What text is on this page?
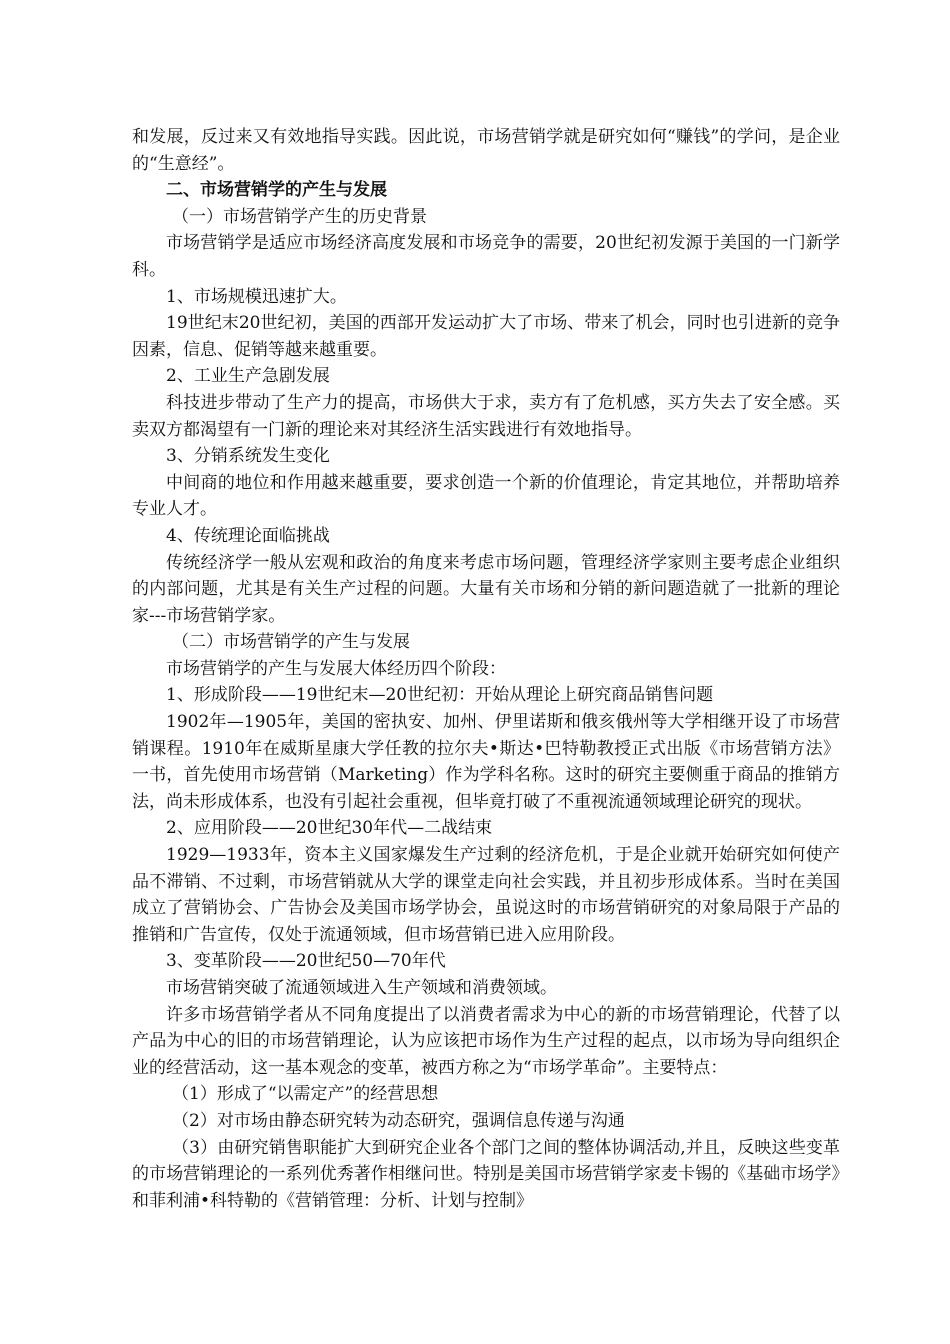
和发展，反过来又有效地指导实践。因此说，市场营销学就是研究如何“赚钱”的学问，是企业的“生意经”。

二、市场营销学的产生与发展

（一）市场营销学产生的历史背景

市场营销学是适应市场经济高度发展和市场竞争的需要，20世纪初发源于美国的一门新学科。

1、市场规模迅速扩大。

19世纪末20世纪初，美国的西部开发运动扩大了市场、带来了机会，同时也引进新的竞争因素，信息、促销等越来越重要。

2、工业生产急剧发展

科技进步带动了生产力的提高，市场供大于求，卖方有了危机感，买方失去了安全感。买卖双方都渴望有一门新的理论来对其经济生活实践进行有效地指导。

3、分销系统发生变化

中间商的地位和作用越来越重要，要求创造一个新的价值理论，肯定其地位，并帮助培养专业人才。

4、传统理论面临挑战

传统经济学一般从宏观和政治的角度来考虑市场问题，管理经济学家则主要考虑企业组织的内部问题，尤其是有关生产过程的问题。大量有关市场和分销的新问题造就了一批新的理论家---市场营销学家。

（二）市场营销学的产生与发展

市场营销学的产生与发展大体经历四个阶段：

1、形成阶段——19世纪末—20世纪初：开始从理论上研究商品销售问题

1902年—1905年，美国的密执安、加州、伊里诺斯和俄亥俄州等大学相继开设了市场营销课程。1910年在威斯星康大学任教的拉尔夫•斯达•巴特勒教授正式出版《市场营销方法》一书，首先使用市场营销（Marketing）作为学科名称。这时的研究主要侧重于商品的推销方法，尚未形成体系，也没有引起社会重视，但毕竟打破了不重视流通领域理论研究的现状。

2、应用阶段——20世纪30年代—二战结束

1929—1933年，资本主义国家爆发生产过剩的经济危机，于是企业就开始研究如何使产品不滞销、不过剩，市场营销就从大学的课堂走向社会实践，并且初步形成体系。当时在美国成立了营销协会、广告协会及美国市场学协会，虽说这时的市场营销研究的对象局限于产品的推销和广告宣传，仅处于流通领域，但市场营销已进入应用阶段。

3、变革阶段——20世纪50—70年代

市场营销突破了流通领域进入生产领域和消费领域。

许多市场营销学者从不同角度提出了以消费者需求为中心的新的市场营销理论，代替了以产品为中心的旧的市场营销理论，认为应该把市场作为生产过程的起点，以市场为导向组织企业的经营活动，这一基本观念的变革，被西方称之为“市场学革命”。主要特点：

（1）形成了“以需定产”的经营思想

（2）对市场由静态研究转为动态研究，强调信息传递与沟通

（3）由研究销售职能扩大到研究企业各个部门之间的整体协调活动,并且，反映这些变革的市场营销理论的一系列优秀著作相继问世。特别是美国市场营销学家麦卡锡的《基础市场学》和菲利浦•科特勒的《营销管理：分析、计划与控制》
